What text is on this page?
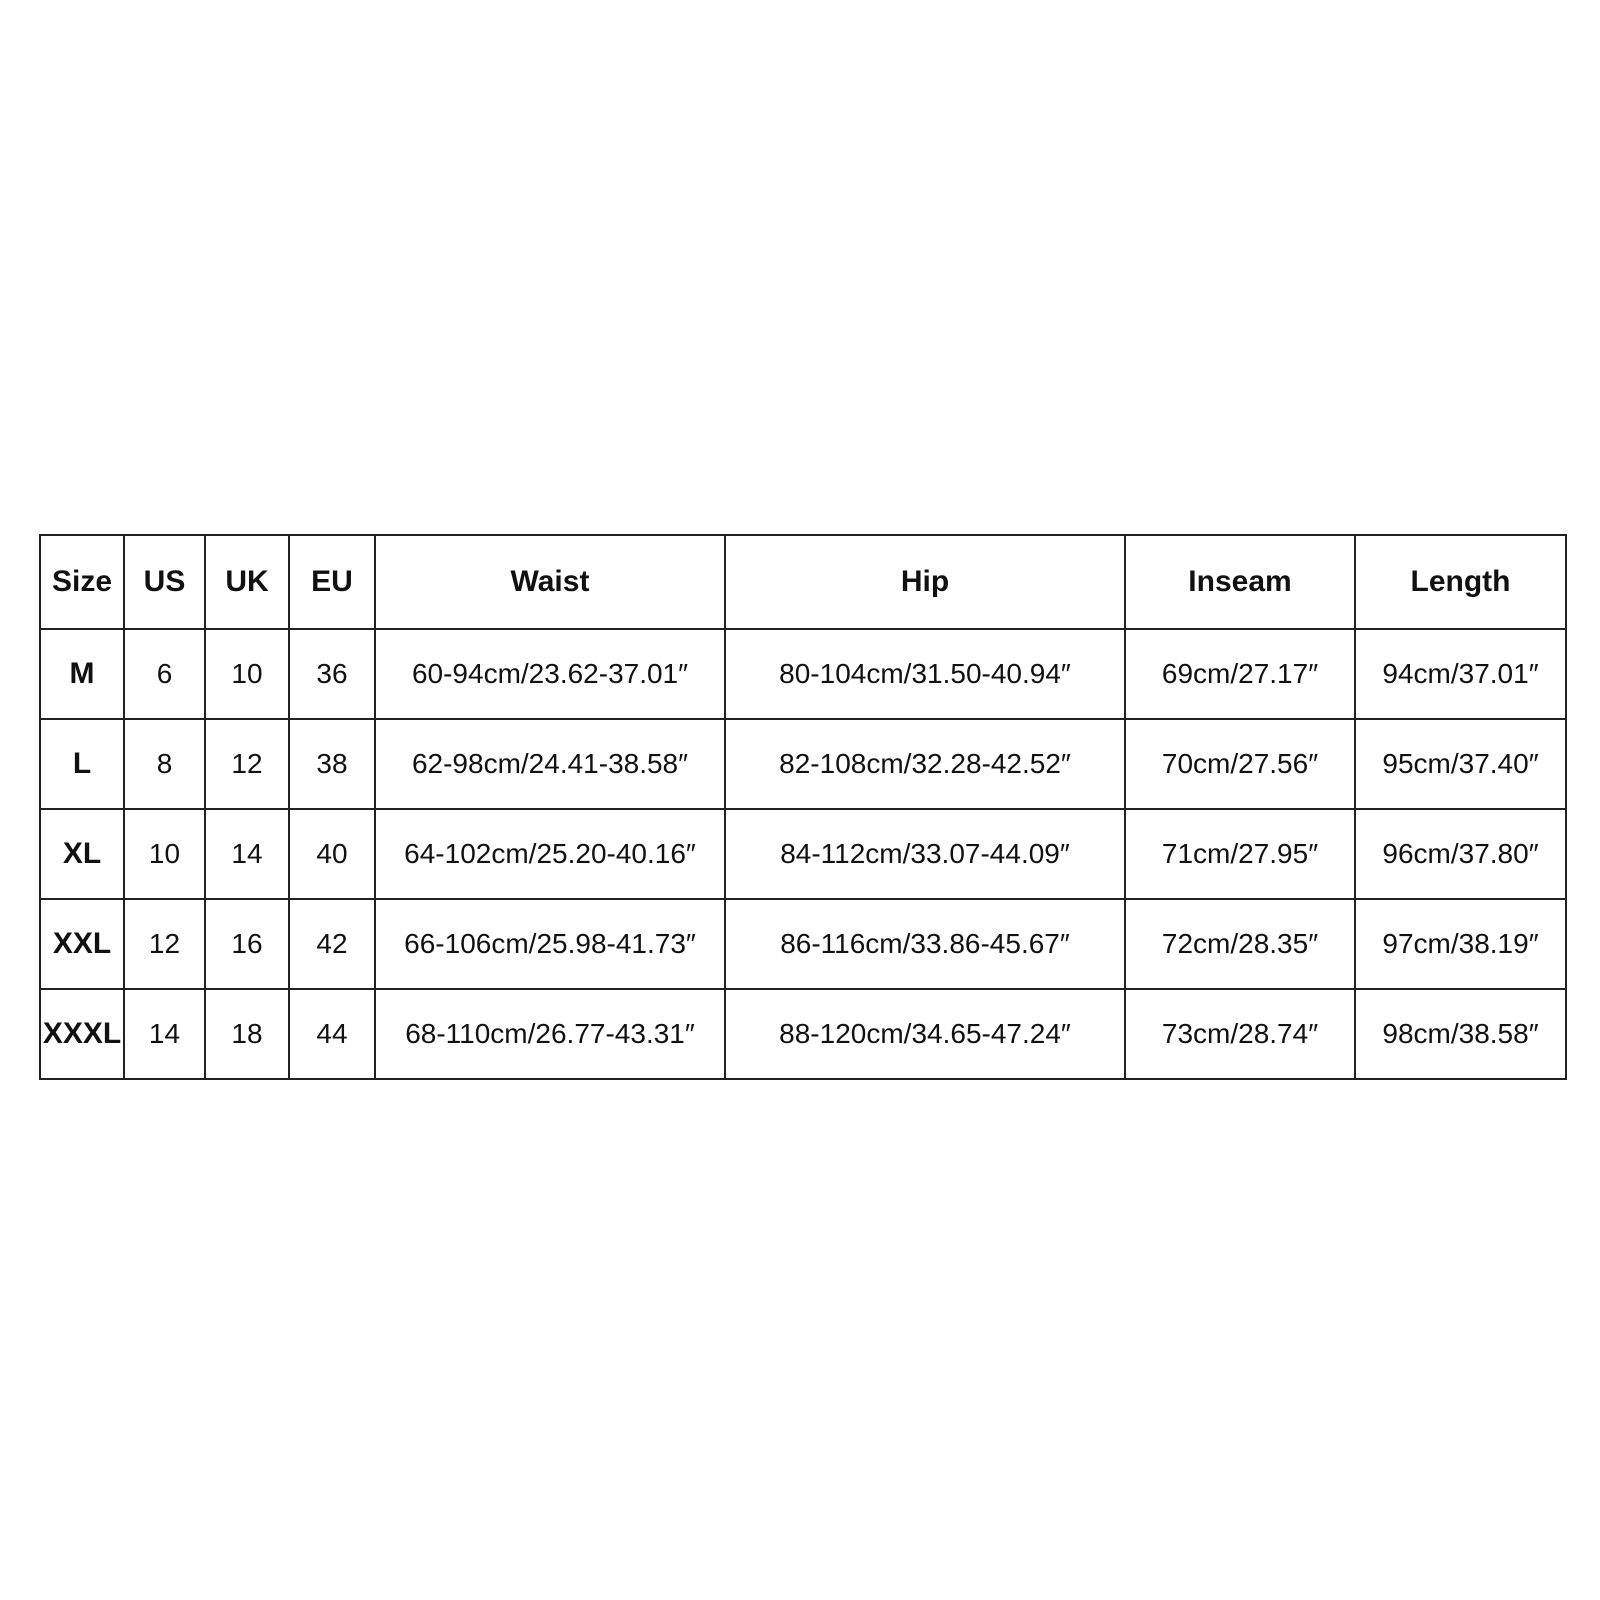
Size	US	UK	EU	Waist	Hip	Inseam	Length
M	6	10	36	60-94cm/23.62-37.01″	80-104cm/31.50-40.94″	69cm/27.17″	94cm/37.01″
L	8	12	38	62-98cm/24.41-38.58″	82-108cm/32.28-42.52″	70cm/27.56″	95cm/37.40″
XL	10	14	40	64-102cm/25.20-40.16″	84-112cm/33.07-44.09″	71cm/27.95″	96cm/37.80″
XXL	12	16	42	66-106cm/25.98-41.73″	86-116cm/33.86-45.67″	72cm/28.35″	97cm/38.19″
XXXL	14	18	44	68-110cm/26.77-43.31″	88-120cm/34.65-47.24″	73cm/28.74″	98cm/38.58″
